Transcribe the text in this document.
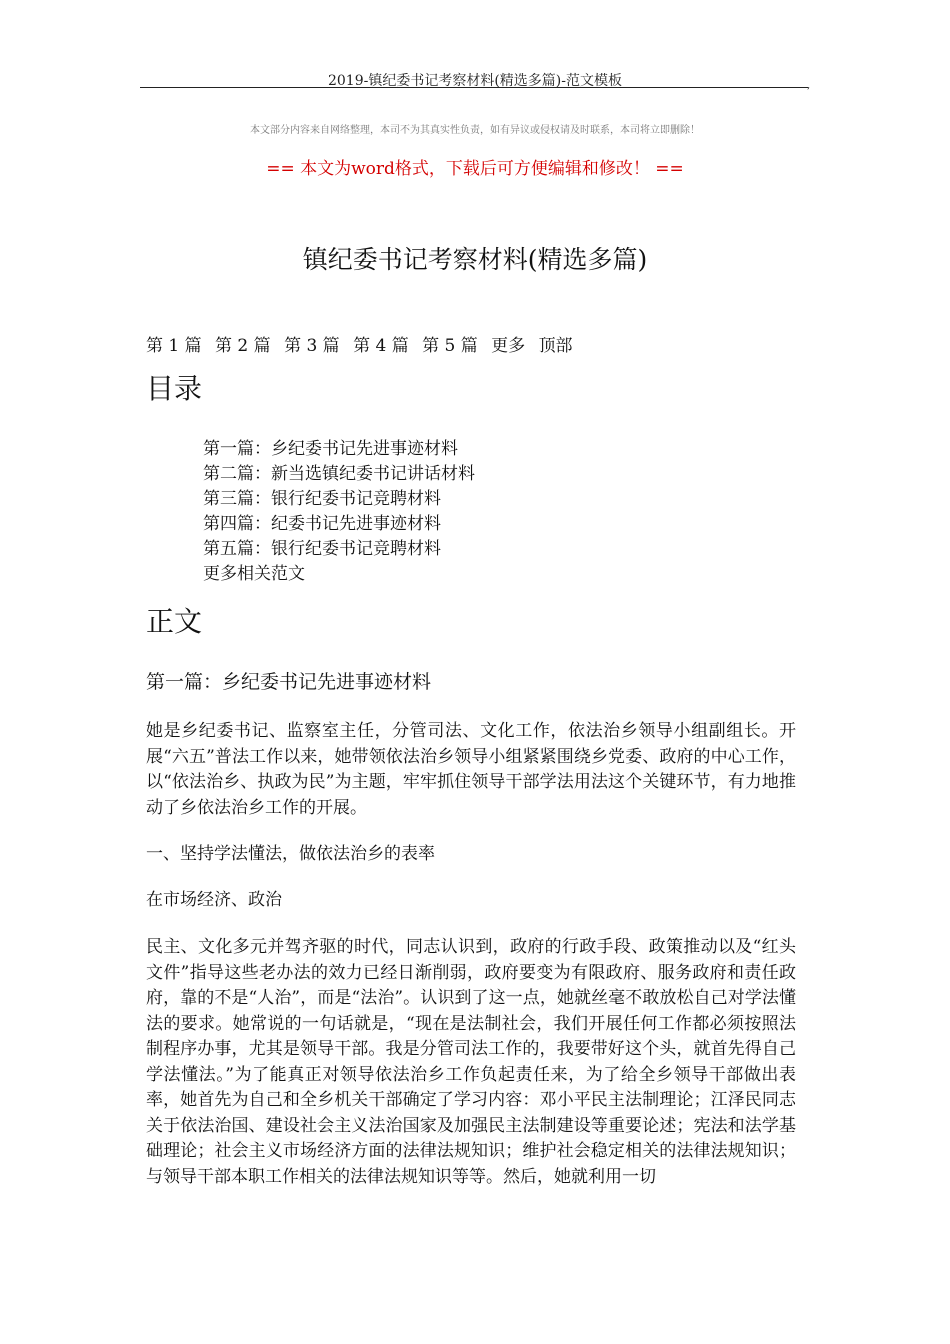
2019-镇纪委书记考察材料(精选多篇)-范文模板	,
本文部分内容来自网络整理，本司不为其真实性负责，如有异议或侵权请及时联系，本司将立即删除！
== 本文为word格式，下载后可方便编辑和修改！ ==
镇纪委书记考察材料(精选多篇)
第 1 篇 第 2 篇 第 3 篇 第 4 篇 第 5 篇 更多 顶部
目录
第一篇：乡纪委书记先进事迹材料
第二篇：新当选镇纪委书记讲话材料
第三篇：银行纪委书记竞聘材料
第四篇：纪委书记先进事迹材料
第五篇：银行纪委书记竞聘材料
更多相关范文
正文
第一篇：乡纪委书记先进事迹材料
她是乡纪委书记、监察室主任，分管司法、文化工作，依法治乡领导小组副组长。开展“六五”普法工作以来，她带领依法治乡领导小组紧紧围绕乡党委、政府的中心工作，以“依法治乡、执政为民”为主题，牢牢抓住领导干部学法用法这个关键环节，有力地推动了乡依法治乡工作的开展。
一、坚持学法懂法，做依法治乡的表率
在市场经济、政治
民主、文化多元并驾齐驱的时代，同志认识到，政府的行政手段、政策推动以及“红头文件”指导这些老办法的效力已经日渐削弱，政府要变为有限政府、服务政府和责任政府，靠的不是“人治”，而是“法治”。认识到了这一点，她就丝毫不敢放松自己对学法懂法的要求。她常说的一句话就是，“现在是法制社会，我们开展任何工作都必须按照法制程序办事，尤其是领导干部。我是分管司法工作的，我要带好这个头，就首先得自己学法懂法。”为了能真正对领导依法治乡工作负起责任来，为了给全乡领导干部做出表率，她首先为自己和全乡机关干部确定了学习内容：邓小平民主法制理论；江泽民同志关于依法治国、建设社会主义法治国家及加强民主法制建设等重要论述；宪法和法学基础理论；社会主义市场经济方面的法律法规知识；维护社会稳定相关的法律法规知识；与领导干部本职工作相关的法律法规知识等等。然后，她就利用一切
